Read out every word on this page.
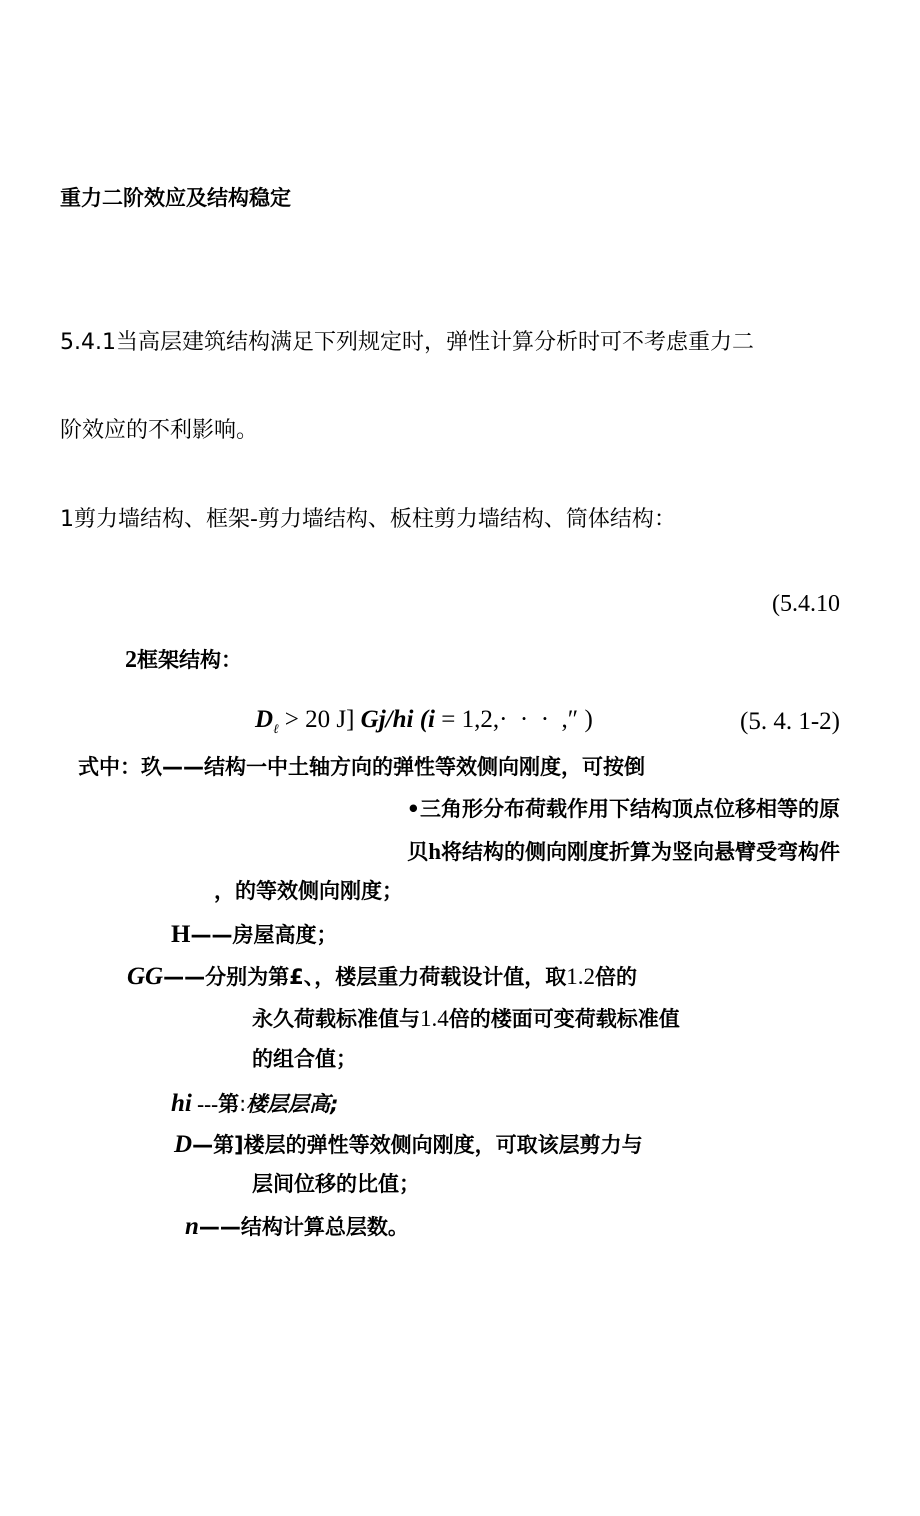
重力二阶效应及结构稳定
5.4.1当高层建筑结构满足下列规定时，弹性计算分析时可不考虑重力二
阶效应的不利影响。
1剪力墙结构、框架-剪力墙结构、板柱剪力墙结构、筒体结构：
(5.4.10
2框架结构：
$D_\ell > 20$ J] Gj/hi (i = 1,2,·  ·  ·  ,″ )	(5. 4. 1-2)
式中：玖——结构一中土轴方向的弹性等效侧向刚度，可按倒
•三角形分布荷载作用下结构顶点位移相等的原
贝h将结构的侧向刚度折算为竖向悬臂受弯构件
，的等效侧向刚度；
H——房屋高度；
GG——分别为第£、，楼层重力荷载设计值，取1.2倍的
永久荷载标准值与1.4倍的楼面可变荷载标准值
的组合值；
hi ---第:楼层层高;
D—第]楼层的弹性等效侧向刚度，可取该层剪力与
层间位移的比值；
n——结构计算总层数。
